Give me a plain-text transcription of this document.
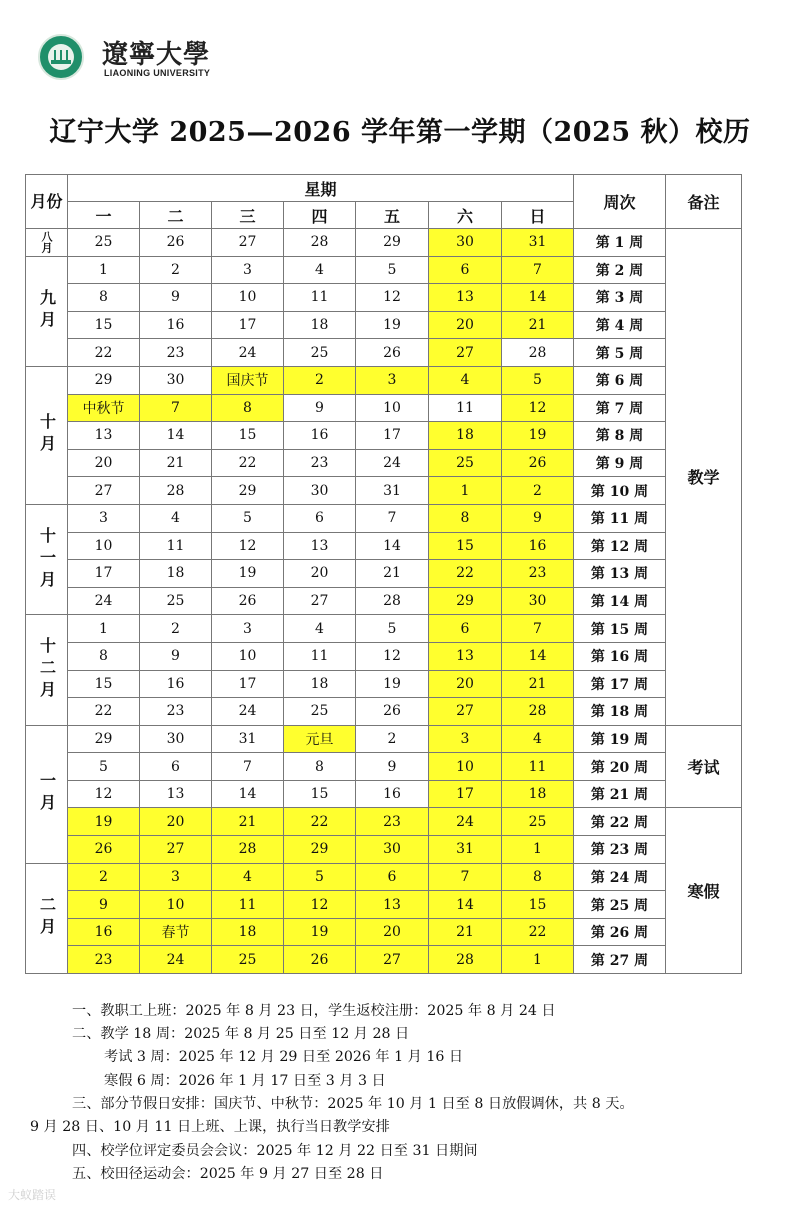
遼寧大學
LIAONING UNIVERSITY
辽宁大学 2025—2026 学年第一学期（2025 秋）校历
月份	星期							周次	备注
	一	二	三	四	五	六	日		
八月	25	26	27	28	29	30	31	第 1 周	教学
九月	1	2	3	4	5	6	7	第 2 周	
	8	9	10	11	12	13	14	第 3 周	
	15	16	17	18	19	20	21	第 4 周	
	22	23	24	25	26	27	28	第 5 周	
十月	29	30	国庆节	2	3	4	5	第 6 周	
	中秋节	7	8	9	10	11	12	第 7 周	
	13	14	15	16	17	18	19	第 8 周	
	20	21	22	23	24	25	26	第 9 周	
	27	28	29	30	31	1	2	第 10 周	
十一月	3	4	5	6	7	8	9	第 11 周	
	10	11	12	13	14	15	16	第 12 周	
	17	18	19	20	21	22	23	第 13 周	
	24	25	26	27	28	29	30	第 14 周	
十二月	1	2	3	4	5	6	7	第 15 周	
	8	9	10	11	12	13	14	第 16 周	
	15	16	17	18	19	20	21	第 17 周	
	22	23	24	25	26	27	28	第 18 周	
一月	29	30	31	元旦	2	3	4	第 19 周	考试
	5	6	7	8	9	10	11	第 20 周	
	12	13	14	15	16	17	18	第 21 周	
	19	20	21	22	23	24	25	第 22 周	寒假
	26	27	28	29	30	31	1	第 23 周	
二月	2	3	4	5	6	7	8	第 24 周	
	9	10	11	12	13	14	15	第 25 周	
	16	春节	18	19	20	21	22	第 26 周	
	23	24	25	26	27	28	1	第 27 周	
一、教职工上班：2025 年 8 月 23 日，学生返校注册：2025 年 8 月 24 日
二、教学 18 周：2025 年 8 月 25 日至 12 月 28 日
考试 3 周：2025 年 12 月 29 日至 2026 年 1 月 16 日
寒假 6 周：2026 年 1 月 17 日至 3 月 3 日
三、部分节假日安排：国庆节、中秋节：2025 年 10 月 1 日至 8 日放假调休，共 8 天。
9 月 28 日、10 月 11 日上班、上课，执行当日教学安排
四、校学位评定委员会会议：2025 年 12 月 22 日至 31 日期间
五、校田径运动会：2025 年 9 月 27 日至 28 日
大蚁踏误
